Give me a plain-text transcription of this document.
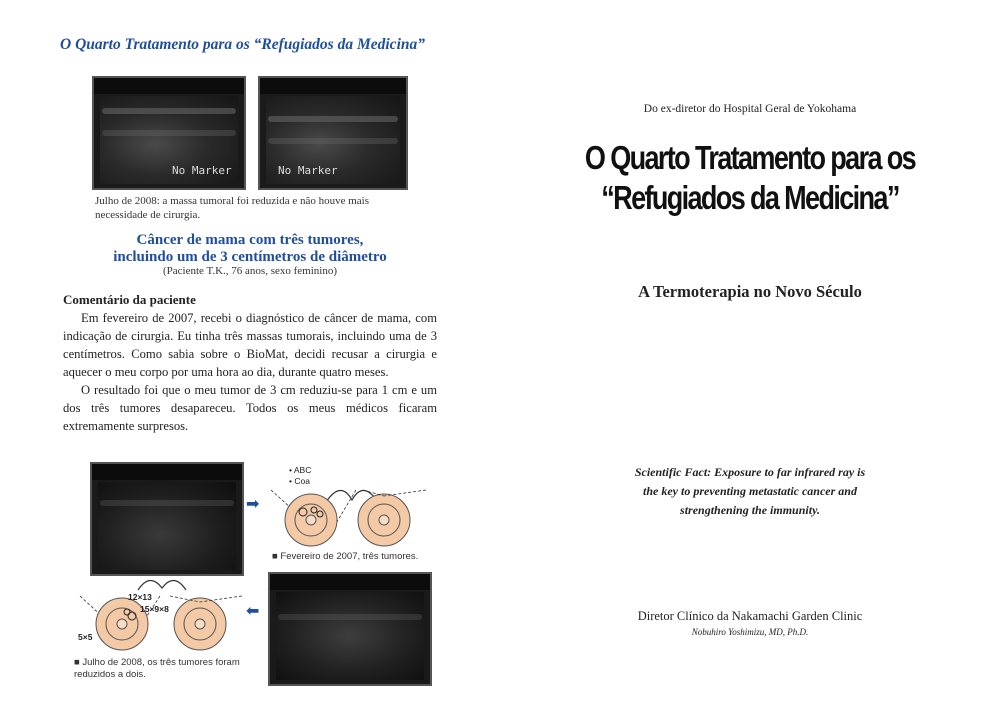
O Quarto Tratamento para os “Refugiados da Medicina”
No Marker	No Marker
Julho de 2008: a massa tumoral foi reduzida e não houve mais necessidade de cirurgia.
Câncer de mama com três tumores,
incluindo um de 3 centímetros de diâmetro
(Paciente T.K., 76 anos, sexo feminino)
Comentário da paciente

Em fevereiro de 2007, recebi o diagnóstico de câncer de mama, com indicação de cirurgia. Eu tinha três massas tumorais, incluindo uma de 3 centímetros. Como sabia sobre o BioMat, decidi recusar a cirurgia e aquecer o meu corpo por uma hora ao dia, durante quatro meses.

O resultado foi que o meu tumor de 3 cm reduziu-se para 1 cm e um dos três tumores desapareceu. Todos os meus médicos ficaram extremamente surpresos.

➡
• ABC
• Coa
■ Fevereiro de 2007, três tumores.
12×13
15×9×8
5×5
⬅
■ Julho de 2008, os três tumores foram reduzidos a dois.
Do ex-diretor do Hospital Geral de Yokohama
O Quarto Tratamento para os
“Refugiados da Medicina”
A Termoterapia no Novo Século
Scientific Fact: Exposure to far infrared ray is
the key to preventing metastatic cancer and
strengthening the immunity.
Diretor Clínico da Nakamachi Garden Clinic
Nobuhiro Yoshimizu, MD, Ph.D.
